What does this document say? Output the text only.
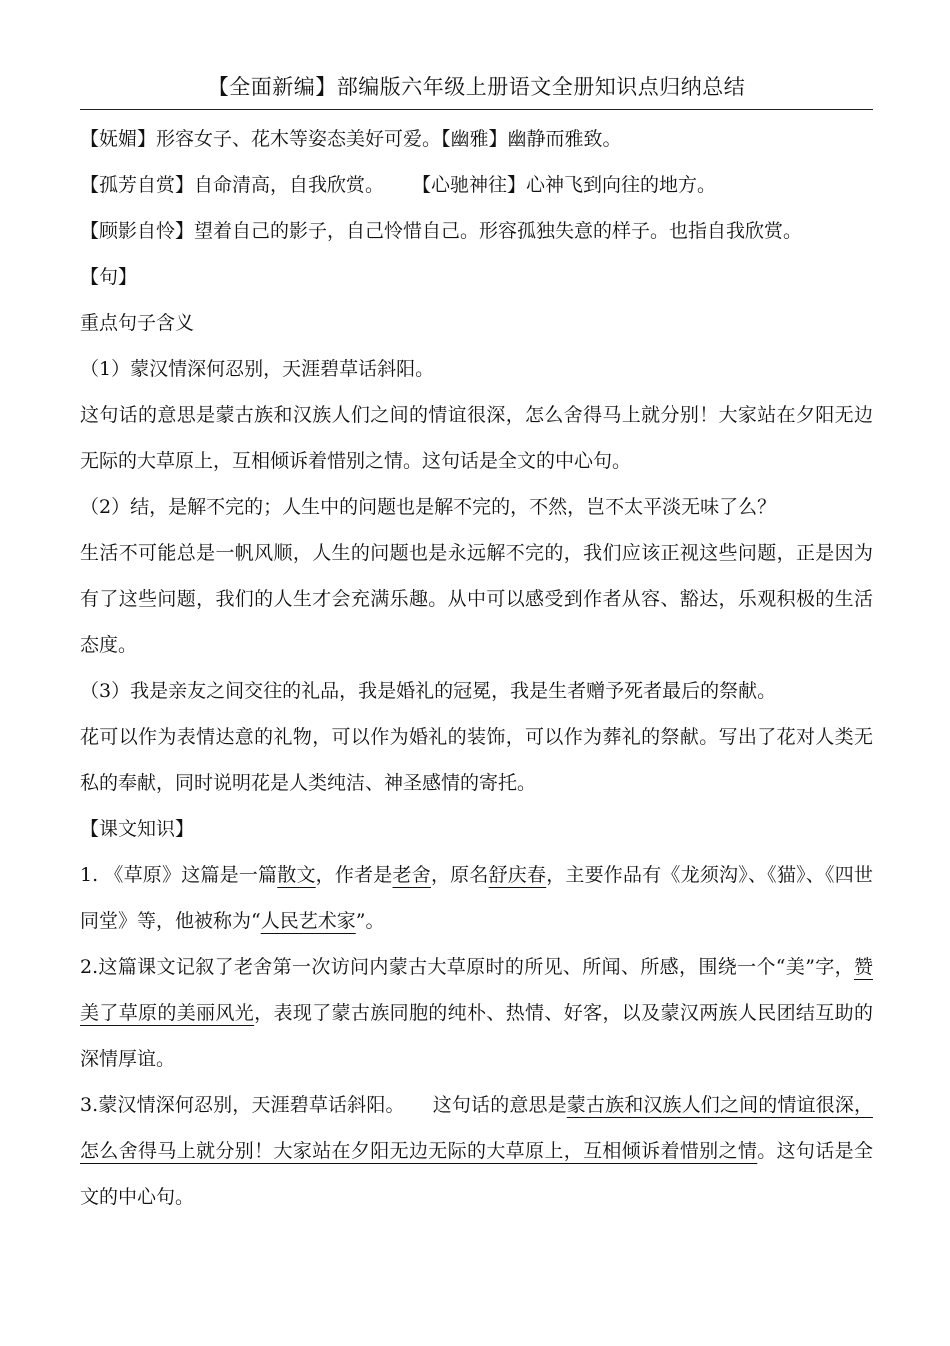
【全面新编】部编版六年级上册语文全册知识点归纳总结

【妩媚】形容女子、花木等姿态美好可爱。【幽雅】幽静而雅致。

【孤芳自赏】自命清高，自我欣赏。 【心驰神往】心神飞到向往的地方。

【顾影自怜】望着自己的影子，自己怜惜自己。形容孤独失意的样子。也指自我欣赏。

【句】

重点句子含义

（1）蒙汉情深何忍别，天涯碧草话斜阳。

这句话的意思是蒙古族和汉族人们之间的情谊很深，怎么舍得马上就分别！大家站在夕阳无边无际的大草原上，互相倾诉着惜别之情。这句话是全文的中心句。

（2）结，是解不完的；人生中的问题也是解不完的，不然，岂不太平淡无味了么？

生活不可能总是一帆风顺，人生的问题也是永远解不完的，我们应该正视这些问题，正是因为有了这些问题，我们的人生才会充满乐趣。从中可以感受到作者从容、豁达，乐观积极的生活态度。

（3）我是亲友之间交往的礼品，我是婚礼的冠冕，我是生者赠予死者最后的祭献。

花可以作为表情达意的礼物，可以作为婚礼的装饰，可以作为葬礼的祭献。写出了花对人类无私的奉献，同时说明花是人类纯洁、神圣感情的寄托。

【课文知识】

1. 《草原》这篇是一篇散文，作者是老舍，原名舒庆春，主要作品有《龙须沟》、《猫》、《四世同堂》等，他被称为“人民艺术家”。

2.这篇课文记叙了老舍第一次访问内蒙古大草原时的所见、所闻、所感，围绕一个“美”字，赞美了草原的美丽风光，表现了蒙古族同胞的纯朴、热情、好客，以及蒙汉两族人民团结互助的深情厚谊。

3.蒙汉情深何忍别，天涯碧草话斜阳。 这句话的意思是蒙古族和汉族人们之间的情谊很深，怎么舍得马上就分别！大家站在夕阳无边无际的大草原上，互相倾诉着惜别之情。这句话是全文的中心句。
